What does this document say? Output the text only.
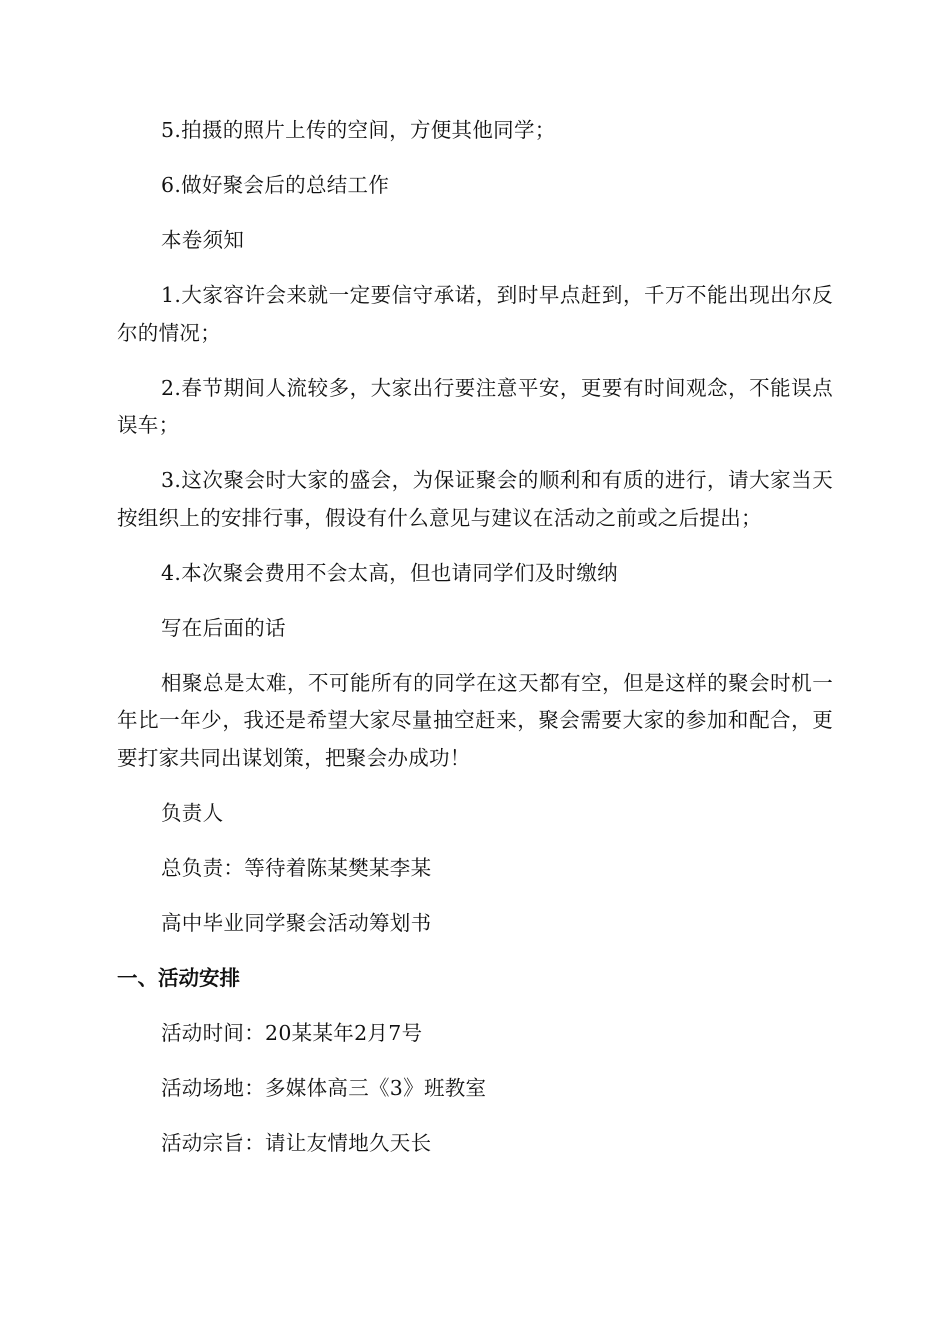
5.拍摄的照片上传的空间，方便其他同学；

6.做好聚会后的总结工作

本卷须知

1.大家容许会来就一定要信守承诺，到时早点赶到，千万不能出现出尔反尔的情况；

2.春节期间人流较多，大家出行要注意平安，更要有时间观念，不能误点误车；

3.这次聚会时大家的盛会，为保证聚会的顺利和有质的进行，请大家当天按组织上的安排行事，假设有什么意见与建议在活动之前或之后提出；

4.本次聚会费用不会太高，但也请同学们及时缴纳

写在后面的话

相聚总是太难，不可能所有的同学在这天都有空，但是这样的聚会时机一年比一年少，我还是希望大家尽量抽空赶来，聚会需要大家的参加和配合，更要打家共同出谋划策，把聚会办成功！

负责人

总负责：等待着陈某樊某李某

高中毕业同学聚会活动筹划书

一、活动安排

活动时间：20某某年2月7号

活动场地：多媒体高三《3》班教室

活动宗旨：请让友情地久天长
